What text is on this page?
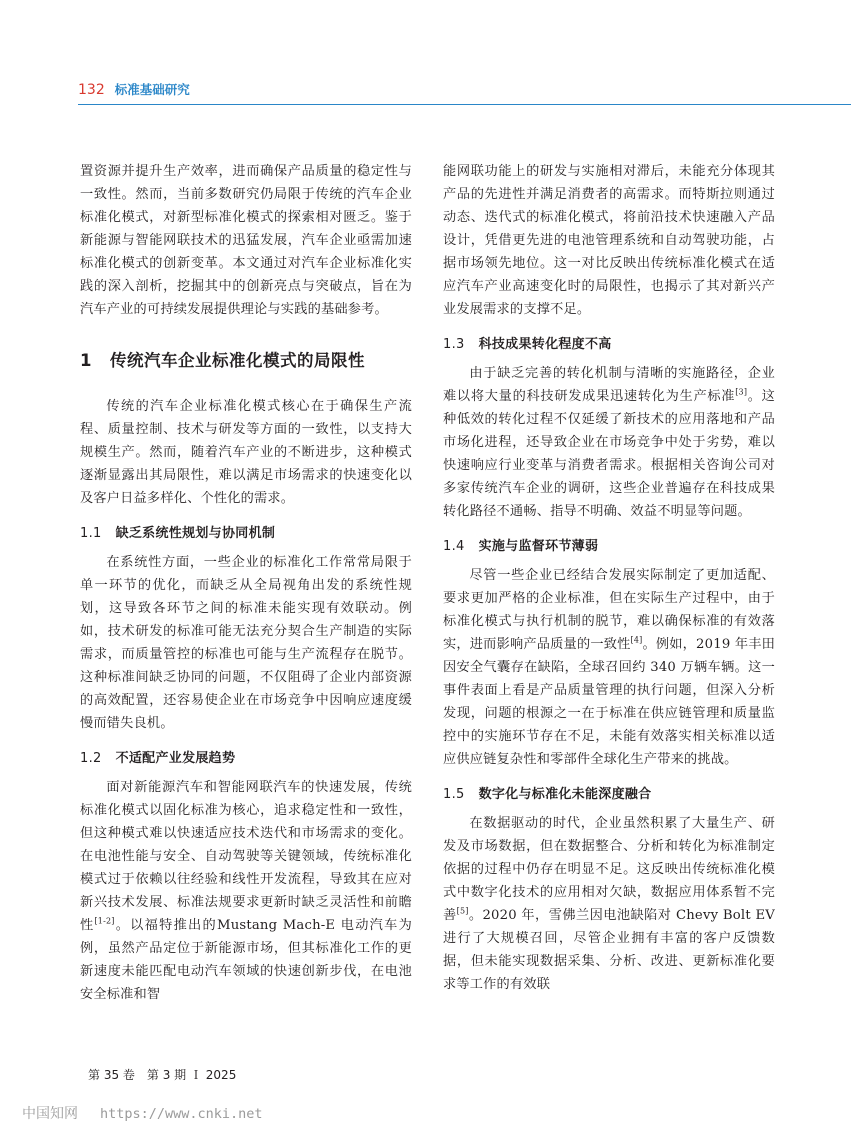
132 标准基础研究

置资源并提升生产效率，进而确保产品质量的稳定性与一致性。然而，当前多数研究仍局限于传统的汽车企业标准化模式，对新型标准化模式的探索相对匮乏。鉴于新能源与智能网联技术的迅猛发展，汽车企业亟需加速标准化模式的创新变革。本文通过对汽车企业标准化实践的深入剖析，挖掘其中的创新亮点与突破点，旨在为汽车产业的可持续发展提供理论与实践的基础参考。

1 传统汽车企业标准化模式的局限性

传统的汽车企业标准化模式核心在于确保生产流程、质量控制、技术与研发等方面的一致性，以支持大规模生产。然而，随着汽车产业的不断进步，这种模式逐渐显露出其局限性，难以满足市场需求的快速变化以及客户日益多样化、个性化的需求。

1.1 缺乏系统性规划与协同机制

在系统性方面，一些企业的标准化工作常常局限于单一环节的优化，而缺乏从全局视角出发的系统性规划，这导致各环节之间的标准未能实现有效联动。例如，技术研发的标准可能无法充分契合生产制造的实际需求，而质量管控的标准也可能与生产流程存在脱节。这种标准间缺乏协同的问题，不仅阻碍了企业内部资源的高效配置，还容易使企业在市场竞争中因响应速度缓慢而错失良机。

1.2 不适配产业发展趋势

面对新能源汽车和智能网联汽车的快速发展，传统标准化模式以固化标准为核心，追求稳定性和一致性，但这种模式难以快速适应技术迭代和市场需求的变化。在电池性能与安全、自动驾驶等关键领域，传统标准化模式过于依赖以往经验和线性开发流程，导致其在应对新兴技术发展、标准法规要求更新时缺乏灵活性和前瞻性[1-2]。以福特推出的Mustang Mach-E 电动汽车为例，虽然产品定位于新能源市场，但其标准化工作的更新速度未能匹配电动汽车领域的快速创新步伐，在电池安全标准和智

能网联功能上的研发与实施相对滞后，未能充分体现其产品的先进性并满足消费者的高需求。而特斯拉则通过动态、迭代式的标准化模式，将前沿技术快速融入产品设计，凭借更先进的电池管理系统和自动驾驶功能，占据市场领先地位。这一对比反映出传统标准化模式在适应汽车产业高速变化时的局限性，也揭示了其对新兴产业发展需求的支撑不足。

1.3 科技成果转化程度不高

由于缺乏完善的转化机制与清晰的实施路径，企业难以将大量的科技研发成果迅速转化为生产标准[3]。这种低效的转化过程不仅延缓了新技术的应用落地和产品市场化进程，还导致企业在市场竞争中处于劣势，难以快速响应行业变革与消费者需求。根据相关咨询公司对多家传统汽车企业的调研，这些企业普遍存在科技成果转化路径不通畅、指导不明确、效益不明显等问题。

1.4 实施与监督环节薄弱

尽管一些企业已经结合发展实际制定了更加适配、要求更加严格的企业标准，但在实际生产过程中，由于标准化模式与执行机制的脱节，难以确保标准的有效落实，进而影响产品质量的一致性[4]。例如，2019 年丰田因安全气囊存在缺陷，全球召回约 340 万辆车辆。这一事件表面上看是产品质量管理的执行问题，但深入分析发现，问题的根源之一在于标准在供应链管理和质量监控中的实施环节存在不足，未能有效落实相关标准以适应供应链复杂性和零部件全球化生产带来的挑战。

1.5 数字化与标准化未能深度融合

在数据驱动的时代，企业虽然积累了大量生产、研发及市场数据，但在数据整合、分析和转化为标准制定依据的过程中仍存在明显不足。这反映出传统标准化模式中数字化技术的应用相对欠缺，数据应用体系暂不完善[5]。2020 年，雪佛兰因电池缺陷对 Chevy Bolt EV 进行了大规模召回，尽管企业拥有丰富的客户反馈数据，但未能实现数据采集、分析、改进、更新标准化要求等工作的有效联

第 35 卷　第 3 期 Ｉ 2025
中国知网 https://www.cnki.net
